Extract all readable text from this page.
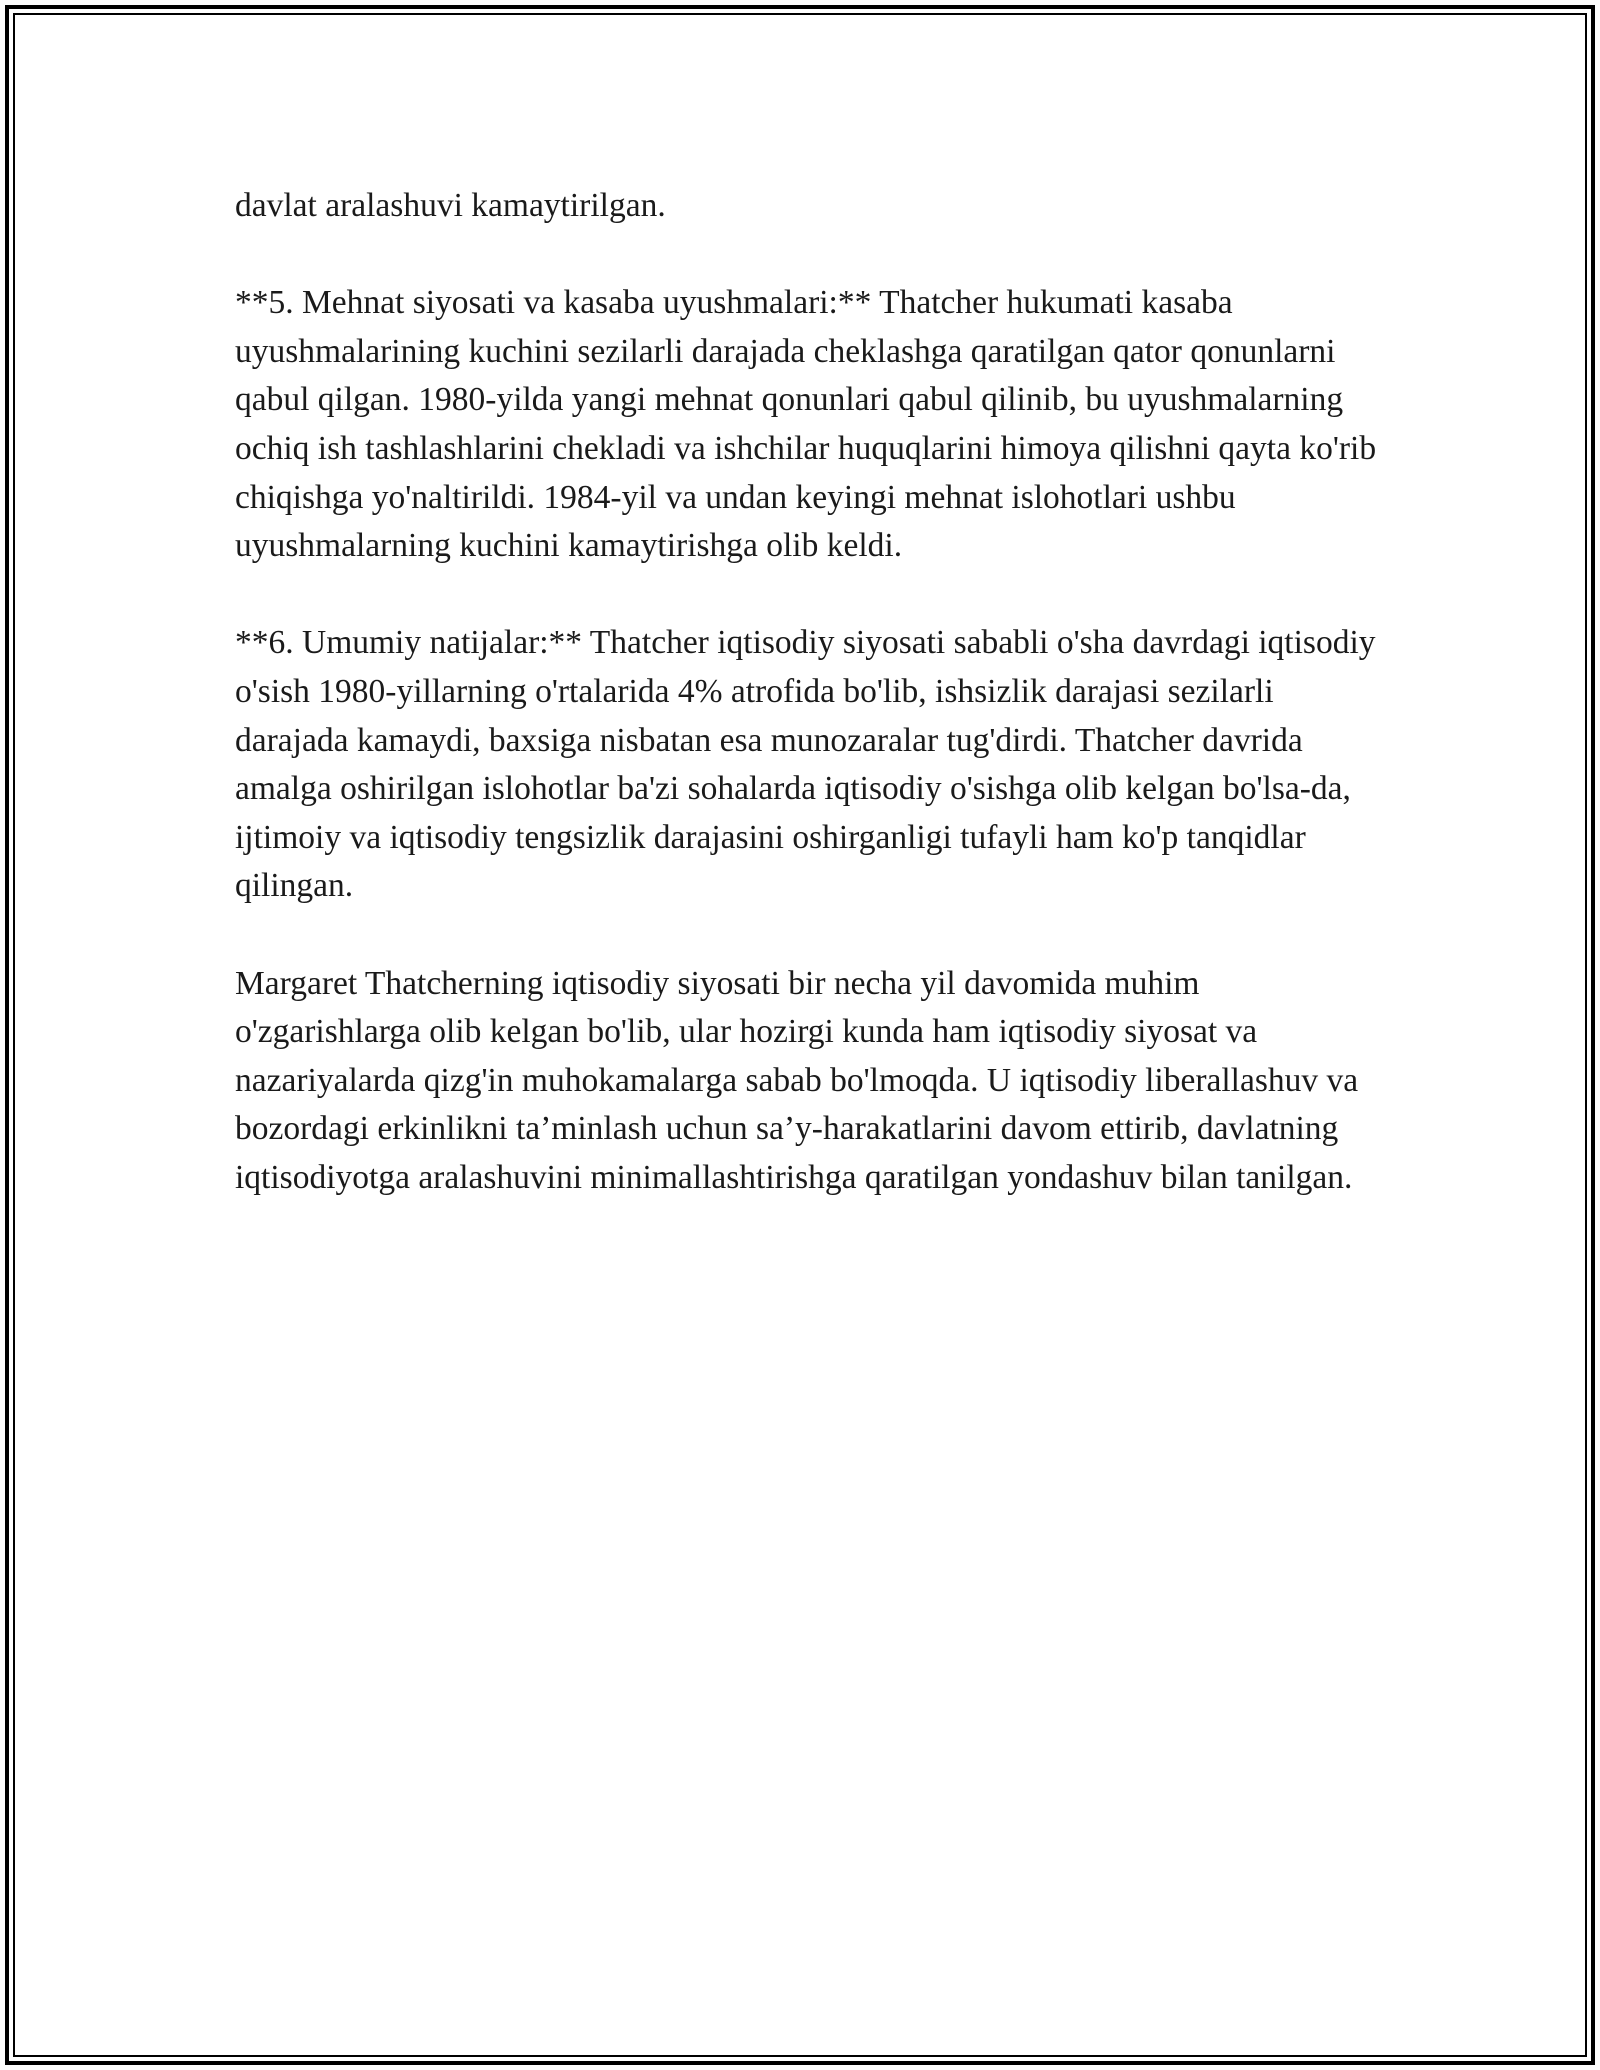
davlat aralashuvi kamaytirilgan.

**5. Mehnat siyosati va kasaba uyushmalari:** Thatcher hukumati kasaba uyushmalarining kuchini sezilarli darajada cheklashga qaratilgan qator qonunlarni qabul qilgan. 1980-yilda yangi mehnat qonunlari qabul qilinib, bu uyushmalarning ochiq ish tashlashlarini chekladi va ishchilar huquqlarini himoya qilishni qayta ko'rib chiqishga yo'naltirildi. 1984-yil va undan keyingi mehnat islohotlari ushbu uyushmalarning kuchini kamaytirishga olib keldi.

**6. Umumiy natijalar:** Thatcher iqtisodiy siyosati sababli o'sha davrdagi iqtisodiy o'sish 1980-yillarning o'rtalarida 4% atrofida bo'lib, ishsizlik darajasi sezilarli darajada kamaydi, baxsiga nisbatan esa munozaralar tug'dirdi. Thatcher davrida amalga oshirilgan islohotlar ba'zi sohalarda iqtisodiy o'sishga olib kelgan bo'lsa-da, ijtimoiy va iqtisodiy tengsizlik darajasini oshirganligi tufayli ham ko'p tanqidlar qilingan.

Margaret Thatcherning iqtisodiy siyosati bir necha yil davomida muhim o'zgarishlarga olib kelgan bo'lib, ular hozirgi kunda ham iqtisodiy siyosat va nazariyalarda qizg'in muhokamalarga sabab bo'lmoqda. U iqtisodiy liberallashuv va bozordagi erkinlikni ta’minlash uchun sa’y-harakatlarini davom ettirib, davlatning iqtisodiyotga aralashuvini minimallashtirishga qaratilgan yondashuv bilan tanilgan.
